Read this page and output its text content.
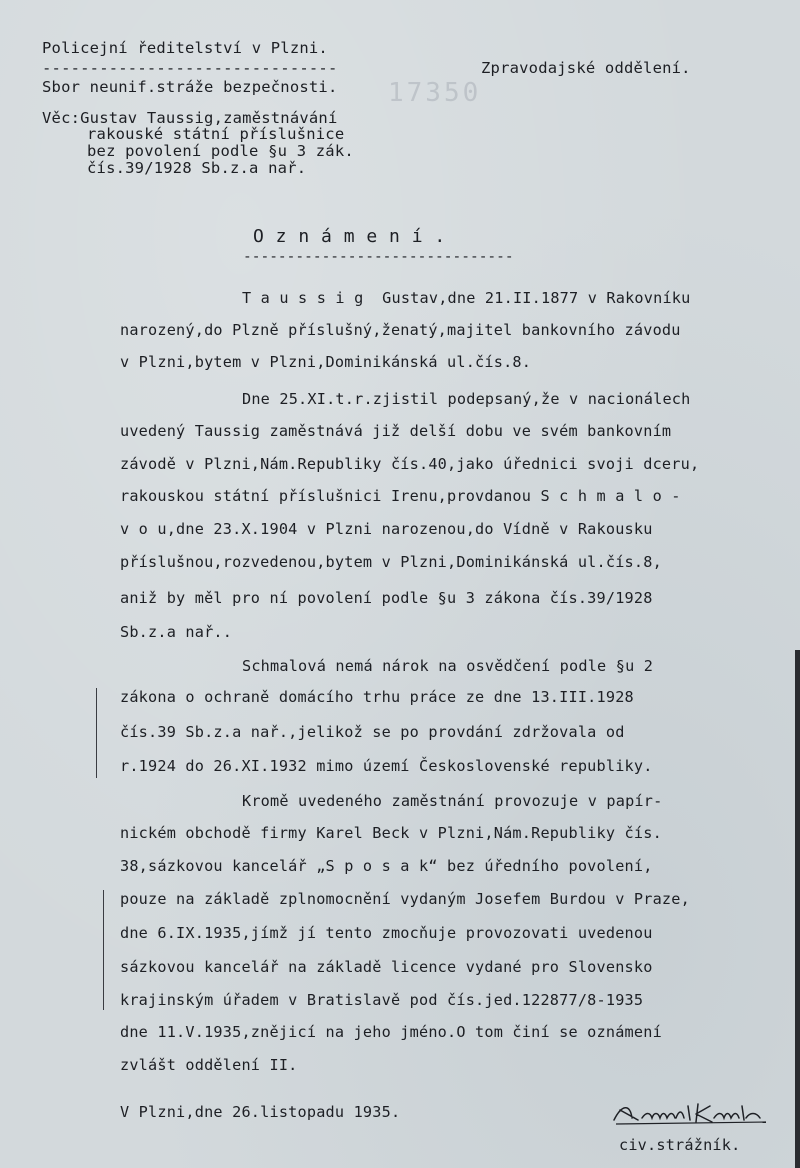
17350
Policejní ředitelství v Plzni.
-------------------------------
Sbor neunif.stráže bezpečnosti.
Zpravodajské oddělení.
Věc:Gustav Taussig,zaměstnávání
rakouské státní příslušnice
bez povolení podle §u 3 zák.
čís.39/1928 Sb.z.a nař.
O z n á m e n í .
-------------------------------
T a u s s i g  Gustav,dne 21.II.1877 v Rakovníku
narozený,do Plzně příslušný,ženatý,majitel bankovního závodu
v Plzni,bytem v Plzni,Dominikánská ul.čís.8.
Dne 25.XI.t.r.zjistil podepsaný,že v nacionálech
uvedený Taussig zaměstnává již delší dobu ve svém bankovním
závodě v Plzni,Nám.Republiky čís.40,jako úřednici svoji dceru,
rakouskou státní příslušnici Irenu,provdanou S c h m a l o -
v o u,dne 23.X.1904 v Plzni narozenou,do Vídně v Rakousku
příslušnou,rozvedenou,bytem v Plzni,Dominikánská ul.čís.8,
aniž by měl pro ní povolení podle §u 3 zákona čís.39/1928
Sb.z.a nař..
Schmalová nemá nárok na osvědčení podle §u 2
zákona o ochraně domácího trhu práce ze dne 13.III.1928
čís.39 Sb.z.a nař.,jelikož se po provdání zdržovala od
r.1924 do 26.XI.1932 mimo území Československé republiky.
Kromě uvedeného zaměstnání provozuje v papír-
nickém obchodě firmy Karel Beck v Plzni,Nám.Republiky čís.
38,sázkovou kancelář „S p o s a k“ bez úředního povolení,
pouze na základě zplnomocnění vydaným Josefem Burdou v Praze,
dne 6.IX.1935,jímž jí tento zmocňuje provozovati uvedenou
sázkovou kancelář na základě licence vydané pro Slovensko
krajinským úřadem v Bratislavě pod čís.jed.122877/8-1935
dne 11.V.1935,znějicí na jeho jméno.O tom činí se oznámení
zvlášt oddělení II.
V Plzni,dne 26.listopadu 1935.
civ.strážník.
